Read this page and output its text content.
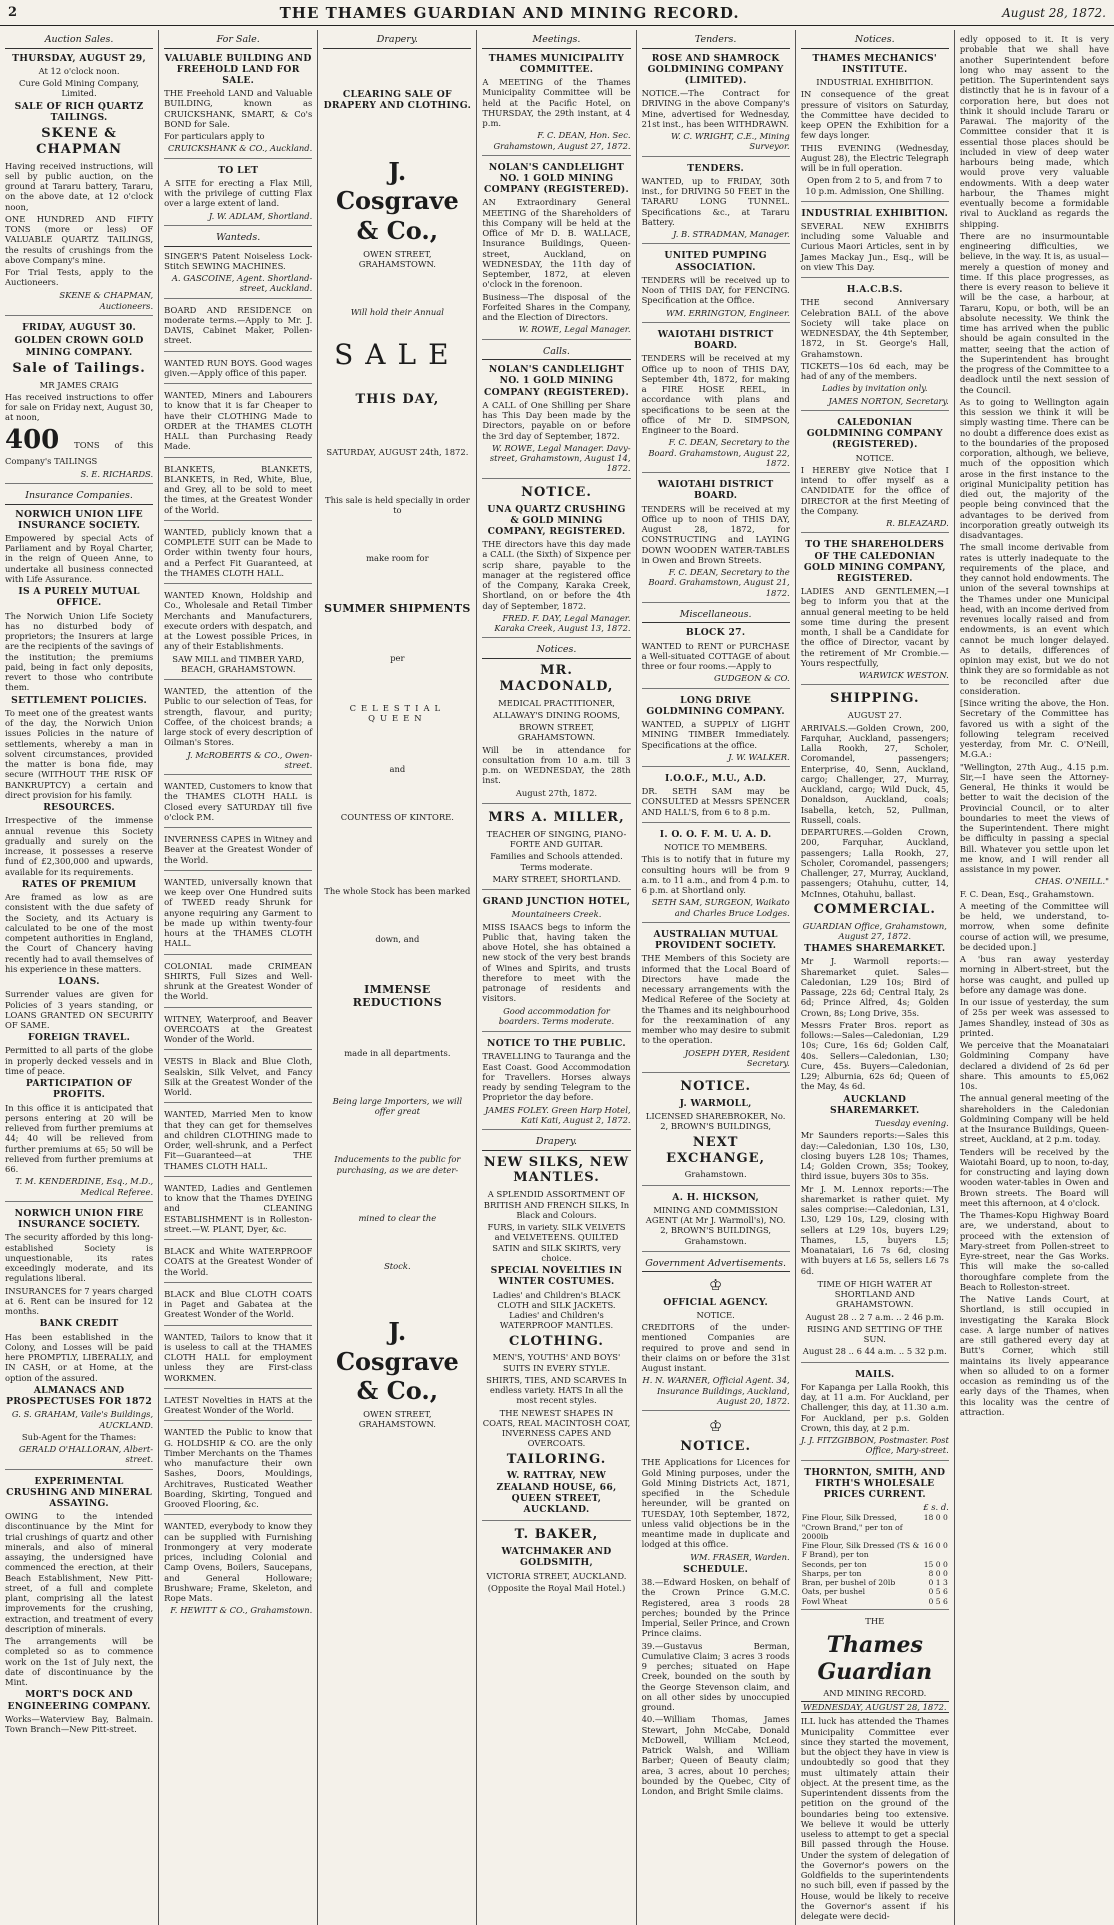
2	THE THAMES GUARDIAN AND MINING RECORD.	August 28, 1872.
Auction Sales.
THURSDAY, AUGUST 29,
At 12 o'clock noon.
Cure Gold Mining Company, Limited.
SALE OF RICH QUARTZ TAILINGS.
SKENE & CHAPMAN
Having received instructions, will sell by public auction, on the ground at Tararu battery, Tararu, on the above date, at 12 o'clock noon,
ONE HUNDRED AND FIFTY TONS (more or less) OF VALUABLE QUARTZ TAILINGS, the results of crushings from the above Company's mine.
For Trial Tests, apply to the Auctioneers.
SKENE & CHAPMAN,
Auctioneers.
FRIDAY, AUGUST 30.
GOLDEN CROWN GOLD MINING COMPANY.
Sale of Tailings.
MR JAMES CRAIG
Has received instructions to offer for sale on Friday next, August 30, at noon,
400 TONS of this Company's TAILINGS
S. E. RICHARDS.
Insurance Companies.
NORWICH UNION LIFE INSURANCE SOCIETY.
Empowered by special Acts of Parliament and by Royal Charter, in the reign of Queen Anne, to undertake all business connected with Life Assurance.
IS A PURELY MUTUAL OFFICE.
The Norwich Union Life Society has no disturbed body of proprietors; the Insurers at large are the recipients of the savings of the institution; the premiums paid, being in fact only deposits, revert to those who contribute them.
SETTLEMENT POLICIES.
To meet one of the greatest wants of the day, the Norwich Union issues Policies in the nature of settlements, whereby a man in solvent circumstances, provided the matter is bona fide, may secure (WITHOUT THE RISK OF BANKRUPTCY) a certain and direct provision for his family.
RESOURCES.
Irrespective of the immense annual revenue this Society gradually and surely on the increase, it possesses a reserve fund of £2,300,000 and upwards, available for its requirements.
RATES OF PREMIUM
Are framed as low as are consistent with the due safety of the Society, and its Actuary is calculated to be one of the most competent authorities in England, the Court of Chancery having recently had to avail themselves of his experience in these matters.
LOANS.
Surrender values are given for Policies of 3 years standing, or LOANS GRANTED ON SECURITY OF SAME.
FOREIGN TRAVEL.
Permitted to all parts of the globe in properly decked vessels and in time of peace.
PARTICIPATION OF PROFITS.
In this office it is anticipated that persons entering at 20 will be relieved from further premiums at 44; 40 will be relieved from further premiums at 65; 50 will be relieved from further premiums at 66.
T. M. KENDERDINE, Esq., M.D., Medical Referee.
NORWICH UNION FIRE INSURANCE SOCIETY.
The security afforded by this long-established Society is unquestionable, its rates exceedingly moderate, and its regulations liberal.
INSURANCES for 7 years charged at 6. Rent can be insured for 12 months.
BANK CREDIT
Has been established in the Colony, and Losses will be paid here PROMPTLY, LIBERALLY, and IN CASH, or at Home, at the option of the assured.
ALMANACS AND PROSPECTUSES FOR 1872
G. S. GRAHAM, Vaile's Buildings, AUCKLAND.
Sub-Agent for the Thames:
GERALD O'HALLORAN, Albert-street.
EXPERIMENTAL CRUSHING AND MINERAL ASSAYING.
OWING to the intended discontinuance by the Mint for trial crushings of quartz and other minerals, and also of mineral assaying, the undersigned have commenced the erection, at their Beach Establishment, New Pitt-street, of a full and complete plant, comprising all the latest improvements for the crushing, extraction, and treatment of every description of minerals.
The arrangements will be completed so as to commence work on the 1st of July next, the date of discontinuance by the Mint.
MORT'S DOCK AND ENGINEERING COMPANY.
Works—Waterview Bay, Balmain. Town Branch—New Pitt-street.
For Sale.
VALUABLE BUILDING AND FREEHOLD LAND FOR SALE.
THE Freehold LAND and Valuable BUILDING, known as CRUICKSHANK, SMART, & Co's BOND for Sale.
For particulars apply to
CRUICKSHANK & CO., Auckland.
TO LET
A SITE for erecting a Flax Mill, with the privilege of cutting Flax over a large extent of land.
J. W. ADLAM, Shortland.
Wanteds.
SINGER'S Patent Noiseless Lock-Stitch SEWING MACHINES.
A. GASCOINE, Agent. Shortland-street, Auckland.
BOARD AND RESIDENCE on moderate terms.—Apply to Mr. J. DAVIS, Cabinet Maker, Pollen-street.
WANTED RUN BOYS. Good wages given.—Apply office of this paper.
WANTED, Miners and Labourers to know that it is far Cheaper to have their CLOTHING Made to ORDER at the THAMES CLOTH HALL than Purchasing Ready Made.
BLANKETS, BLANKETS, BLANKETS, in Red, White, Blue, and Grey, all to be sold to meet the times, at the Greatest Wonder of the World.
WANTED, publicly known that a COMPLETE SUIT can be Made to Order within twenty four hours, and a Perfect Fit Guaranteed, at the THAMES CLOTH HALL.
WANTED Known, Holdship and Co., Wholesale and Retail Timber Merchants and Manufacturers, execute orders with despatch, and at the Lowest possible Prices, in any of their Establishments.
SAW MILL and TIMBER YARD, BEACH, GRAHAMSTOWN.
WANTED, the attention of the Public to our selection of Teas, for strength, flavour, and purity; Coffee, of the choicest brands; a large stock of every description of Oilman's Stores.
J. McROBERTS & CO., Owen-street.
WANTED, Customers to know that the THAMES CLOTH HALL is Closed every SATURDAY till five o'clock P.M.
INVERNESS CAPES in Witney and Beaver at the Greatest Wonder of the World.
WANTED, universally known that we keep over One Hundred suits of TWEED ready Shrunk for anyone requiring any Garment to be made up within twenty-four hours at the THAMES CLOTH HALL.
COLONIAL made CRIMEAN SHIRTS, Full Sizes and Well-shrunk at the Greatest Wonder of the World.
WITNEY, Waterproof, and Beaver OVERCOATS at the Greatest Wonder of the World.
VESTS in Black and Blue Cloth, Sealskin, Silk Velvet, and Fancy Silk at the Greatest Wonder of the World.
WANTED, Married Men to know that they can get for themselves and children CLOTHING made to Order, well-shrunk, and a Perfect Fit—Guaranteed—at THE THAMES CLOTH HALL.
WANTED, Ladies and Gentlemen to know that the Thames DYEING and CLEANING ESTABLISHMENT is in Rolleston-street.—W. PLANT, Dyer, &c.
BLACK and White WATERPROOF COATS at the Greatest Wonder of the World.
BLACK and Blue CLOTH COATS in Paget and Gabatea at the Greatest Wonder of the World.
WANTED, Tailors to know that it is useless to call at the THAMES CLOTH HALL for employment unless they are First-class WORKMEN.
LATEST Novelties in HATS at the Greatest Wonder of the World.
WANTED the Public to know that G. HOLDSHIP & CO. are the only Timber Merchants on the Thames who manufacture their own Sashes, Doors, Mouldings, Architraves, Rusticated Weather Boarding, Skirting, Tongued and Grooved Flooring, &c.
WANTED, everybody to know they can be supplied with Furnishing Ironmongery at very moderate prices, including Colonial and Camp Ovens, Boilers, Saucepans, and General Holloware; Brushware; Frame, Skeleton, and Rope Mats.
F. HEWITT & CO., Grahamstown.
Drapery.
CLEARING SALE OF DRAPERY AND CLOTHING.
J. Cosgrave & Co.,
OWEN STREET, GRAHAMSTOWN.
Will hold their Annual
SALE
THIS DAY,
SATURDAY, AUGUST 24th, 1872.
This sale is held specially in order to
make room for
SUMMER SHIPMENTS
per
CELESTIAL QUEEN
and
COUNTESS OF KINTORE.
The whole Stock has been marked
down, and
IMMENSE REDUCTIONS
made in all departments.
Being large Importers, we will offer great
Inducements to the public for purchasing, as we are deter-
mined to clear the
Stock.
J. Cosgrave & Co.,
OWEN STREET, GRAHAMSTOWN.
Meetings.
THAMES MUNICIPALITY COMMITTEE.
A MEETING of the Thames Municipality Committee will be held at the Pacific Hotel, on THURSDAY, the 29th instant, at 4 p.m.
F. C. DEAN, Hon. Sec. Grahamstown, August 27, 1872.
NOLAN'S CANDLELIGHT NO. 1 GOLD MINING COMPANY (REGISTERED).
AN Extraordinary General MEETING of the Shareholders of this Company will be held at the Office of Mr D. B. WALLACE, Insurance Buildings, Queen-street, Auckland, on WEDNESDAY, the 11th day of September, 1872, at eleven o'clock in the forenoon.
Business—The disposal of the Forfeited Shares in the Company, and the Election of Directors.
W. ROWE, Legal Manager.
Calls.
NOLAN'S CANDLELIGHT NO. 1 GOLD MINING COMPANY (REGISTERED).
A CALL of One Shilling per Share has This Day been made by the Directors, payable on or before the 3rd day of September, 1872.
W. ROWE, Legal Manager. Davy-street, Grahamstown, August 14, 1872.
NOTICE.
UNA QUARTZ CRUSHING & GOLD MINING COMPANY, REGISTERED.
THE directors have this day made a CALL (the Sixth) of Sixpence per scrip share, payable to the manager at the registered office of the Company, Karaka Creek, Shortland, on or before the 4th day of September, 1872.
FRED. F. DAY, Legal Manager. Karaka Creek, August 13, 1872.
Notices.
MR. MACDONALD,
MEDICAL PRACTITIONER,
ALLAWAY'S DINING ROOMS,
BROWN STREET, GRAHAMSTOWN.
Will be in attendance for consultation from 10 a.m. till 3 p.m. on WEDNESDAY, the 28th inst.
August 27th, 1872.
MRS A. MILLER,
TEACHER OF SINGING, PIANO-FORTE AND GUITAR.
Families and Schools attended. Terms moderate.
MARY STREET, SHORTLAND.
GRAND JUNCTION HOTEL,
Mountaineers Creek.
MISS ISAACS begs to inform the Public that, having taken the above Hotel, she has obtained a new stock of the very best brands of Wines and Spirits, and trusts therefore to meet with the patronage of residents and visitors.
Good accommodation for boarders. Terms moderate.
NOTICE TO THE PUBLIC.
TRAVELLING to Tauranga and the East Coast. Good Accommodation for Travellers. Horses always ready by sending Telegram to the Proprietor the day before.
JAMES FOLEY. Green Harp Hotel, Kati Kati, August 2, 1872.
Drapery.
NEW SILKS, NEW MANTLES.
A SPLENDID ASSORTMENT OF BRITISH AND FRENCH SILKS, In Black and Colours.
FURS, in variety. SILK VELVETS and VELVETEENS. QUILTED SATIN and SILK SKIRTS, very choice.
SPECIAL NOVELTIES IN WINTER COSTUMES.
Ladies' and Children's BLACK CLOTH and SILK JACKETS. Ladies' and Children's WATERPROOF MANTLES.
CLOTHING.
MEN'S, YOUTHS' AND BOYS' SUITS IN EVERY STYLE.
SHIRTS, TIES, AND SCARVES In endless variety. HATS In all the most recent styles.
THE NEWEST SHAPES IN COATS, REAL MACINTOSH COAT, INVERNESS CAPES AND OVERCOATS.
TAILORING.
W. RATTRAY, NEW ZEALAND HOUSE, 66, QUEEN STREET, AUCKLAND.
T. BAKER,
WATCHMAKER AND GOLDSMITH,
VICTORIA STREET, AUCKLAND.
(Opposite the Royal Mail Hotel.)
Tenders.
ROSE AND SHAMROCK GOLDMINING COMPANY (LIMITED).
NOTICE.—The Contract for DRIVING in the above Company's Mine, advertised for Wednesday, 21st inst., has been WITHDRAWN.
W. C. WRIGHT, C.E., Mining Surveyor.
TENDERS.
WANTED, up to FRIDAY, 30th inst., for DRIVING 50 FEET in the TARARU LONG TUNNEL. Specifications &c., at Tararu Battery.
J. B. STRADMAN, Manager.
UNITED PUMPING ASSOCIATION.
TENDERS will be received up to Noon of THIS DAY, for FENCING. Specification at the Office.
WM. ERRINGTON, Engineer.
WAIOTAHI DISTRICT BOARD.
TENDERS will be received at my Office up to noon of THIS DAY, September 4th, 1872, for making a FIRE HOSE REEL, in accordance with plans and specifications to be seen at the office of Mr D. SIMPSON, Engineer to the Board.
F. C. DEAN, Secretary to the Board. Grahamstown, August 22, 1872.
WAIOTAHI DISTRICT BOARD.
TENDERS will be received at my Office up to noon of THIS DAY, August 28, 1872, for CONSTRUCTING and LAYING DOWN WOODEN WATER-TABLES in Owen and Brown Streets.
F. C. DEAN, Secretary to the Board. Grahamstown, August 21, 1872.
Miscellaneous.
BLOCK 27.
WANTED to RENT or PURCHASE a Well-situated COTTAGE of about three or four rooms.—Apply to
GUDGEON & CO.
LONG DRIVE GOLDMINING COMPANY.
WANTED, a SUPPLY of LIGHT MINING TIMBER Immediately. Specifications at the office.
J. W. WALKER.
I.O.O.F., M.U., A.D.
DR. SETH SAM may be CONSULTED at Messrs SPENCER AND HALL'S, from 6 to 8 p.m.
I. O. O. F. M. U. A. D.
NOTICE TO MEMBERS.
This is to notify that in future my consulting hours will be from 9 a.m. to 11 a.m., and from 4 p.m. to 6 p.m. at Shortland only.
SETH SAM, SURGEON, Waikato and Charles Bruce Lodges.
AUSTRALIAN MUTUAL PROVIDENT SOCIETY.
THE Members of this Society are informed that the Local Board of Directors have made the necessary arrangements with the Medical Referee of the Society at the Thames and its neighbourhood for the reexamination of any member who may desire to submit to the operation.
JOSEPH DYER, Resident Secretary.
NOTICE.
J. WARMOLL,
LICENSED SHAREBROKER, No. 2, BROWN'S BUILDINGS,
NEXT EXCHANGE,
Grahamstown.
A. H. HICKSON,
MINING AND COMMISSION AGENT (At Mr J. Warmoll's), NO. 2, BROWN'S BUILDINGS, Grahamstown.
Government Advertisements.
♔
OFFICIAL AGENCY.
NOTICE.
CREDITORS of the under-mentioned Companies are required to prove and send in their claims on or before the 31st August instant.
H. N. WARNER, Official Agent. 34, Insurance Buildings, Auckland, August 20, 1872.
♔
NOTICE.
THE Applications for Licences for Gold Mining purposes, under the Gold Mining Districts Act, 1871, specified in the Schedule hereunder, will be granted on TUESDAY, 10th September, 1872, unless valid objections be in the meantime made in duplicate and lodged at this office.
WM. FRASER, Warden.
SCHEDULE.
38.—Edward Hosken, on behalf of the Crown Prince G.M.C. Registered, area 3 roods 28 perches; bounded by the Prince Imperial, Seiler Prince, and Crown Prince claims.
39.—Gustavus Berman, Cumulative Claim; 3 acres 3 roods 9 perches; situated on Hape Creek, bounded on the south by the George Stevenson claim, and on all other sides by unoccupied ground.
40.—William Thomas, James Stewart, John McCabe, Donald McDowell, William McLeod, Patrick Walsh, and William Barber; Queen of Beauty claim; area, 3 acres, about 10 perches; bounded by the Quebec, City of London, and Bright Smile claims.
Notices.
THAMES MECHANICS' INSTITUTE.
INDUSTRIAL EXHIBITION.
IN consequence of the great pressure of visitors on Saturday, the Committee have decided to keep OPEN the Exhibition for a few days longer.
THIS EVENING (Wednesday, August 28), the Electric Telegraph will be in full operation.
Open from 2 to 5, and from 7 to 10 p.m. Admission, One Shilling.
INDUSTRIAL EXHIBITION.
SEVERAL NEW EXHIBITS including some Valuable and Curious Maori Articles, sent in by James Mackay Jun., Esq., will be on view This Day.
H.A.C.B.S.
THE second Anniversary Celebration BALL of the above Society will take place on WEDNESDAY, the 4th September, 1872, in St. George's Hall, Grahamstown.
TICKETS—10s 6d each, may be had of any of the members.
Ladies by invitation only.
JAMES NORTON, Secretary.
CALEDONIAN GOLDMINING COMPANY (REGISTERED).
NOTICE.
I HEREBY give Notice that I intend to offer myself as a CANDIDATE for the office of DIRECTOR at the first Meeting of the Company.
R. BLEAZARD.
TO THE SHAREHOLDERS OF THE CALEDONIAN GOLD MINING COMPANY, REGISTERED.
LADIES AND GENTLEMEN,—I beg to inform you that at the annual general meeting to be held some time during the present month, I shall be a Candidate for the office of Director, vacant by the retirement of Mr Crombie.—Yours respectfully,
WARWICK WESTON.
SHIPPING.
AUGUST 27.
ARRIVALS.—Golden Crown, 200, Farquhar, Auckland, passengers; Lalla Rookh, 27, Scholer, Coromandel, passengers; Enterprise, 40, Senn, Auckland, cargo; Challenger, 27, Murray, Auckland, cargo; Wild Duck, 45, Donaldson, Auckland, coals; Isabella, ketch, 52, Pullman, Russell, coals.
DEPARTURES.—Golden Crown, 200, Farquhar, Auckland, passengers; Lalla Rookh, 27, Scholer, Coromandel, passengers; Challenger, 27, Murray, Auckland, passengers; Otahuhu, cutter, 14, McInnes, Otahuhu, ballast.
COMMERCIAL.
GUARDIAN Office, Grahamstown, August 27, 1872.
THAMES SHAREMARKET.
Mr J. Warmoll reports:—Sharemarket quiet. Sales—Caledonian, L29 10s; Bird of Passage, 22s 6d; Central Italy, 2s 6d; Prince Alfred, 4s; Golden Crown, 8s; Long Drive, 35s.
Messrs Frater Bros. report as follows:—Sales—Caledonian, L29 10s; Cure, 16s 6d; Golden Calf, 40s. Sellers—Caledonian, L30; Cure, 45s. Buyers—Caledonian, L29; Alburnia, 62s 6d; Queen of the May, 4s 6d.
AUCKLAND SHAREMARKET.
Tuesday evening.
Mr Saunders reports:—Sales this day:—Caledonian, L30 10s, L30, closing buyers L28 10s; Thames, L4; Golden Crown, 35s; Tookey, third issue, buyers 30s to 35s.
Mr J. M. Lennox reports:—The sharemarket is rather quiet. My sales comprise:—Caledonian, L31, L30, L29 10s, L29, closing with sellers at L29 10s, buyers L29; Thames, L5, buyers L5; Moanataiari, L6 7s 6d, closing with buyers at L6 5s, sellers L6 7s 6d.
TIME OF HIGH WATER AT SHORTLAND AND GRAHAMSTOWN.
August 28 .. 2 7 a.m. .. 2 46 p.m.
RISING AND SETTING OF THE SUN.
August 28 .. 6 44 a.m. .. 5 32 p.m.
MAILS.
For Kapanga per Lalla Rookh, this day, at 11 a.m. For Auckland, per Challenger, this day, at 11.30 a.m. For Auckland, per p.s. Golden Crown, this day, at 2 p.m.
J. J. FITZGIBBON, Postmaster. Post Office, Mary-street.
THORNTON, SMITH, AND FIRTH'S WHOLESALE PRICES CURRENT.
£ s. d.
Fine Flour, Silk Dressed, "Crown Brand," per ton of 2000lb	18 0 0
Fine Flour, Silk Dressed (TS & F Brand), per ton	16 0 0
Seconds, per ton	15 0 0
Sharps, per ton	8 0 0
Bran, per bushel of 20lb	0 1 3
Oats, per bushel	0 5 6
Fowl Wheat	0 5 6
THE
Thames Guardian
AND MINING RECORD.
WEDNESDAY, AUGUST 28, 1872.
ILL luck has attended the Thames Municipality Committee ever since they started the movement, but the object they have in view is undoubtedly so good that they must ultimately attain their object. At the present time, as the Superintendent dissents from the petition on the ground of the boundaries being too extensive. We believe it would be utterly useless to attempt to get a special Bill passed through the House. Under the system of delegation of the Governor's powers on the Goldfields to the superintendents no such bill, even if passed by the House, would be likely to receive the Governor's assent if his delegate were decid-
edly opposed to it. It is very probable that we shall have another Superintendent before long who may assent to the petition. The Superintendent says distinctly that he is in favour of a corporation here, but does not think it should include Tararu or Parawai. The majority of the Committee consider that it is essential those places should be included in view of deep water harbours being made, which would prove very valuable endowments. With a deep water harbour, the Thames might eventually become a formidable rival to Auckland as regards the shipping.
There are no insurmountable engineering difficulties, we believe, in the way. It is, as usual—merely a question of money and time. If this place progresses, as there is every reason to believe it will be the case, a harbour, at Tararu, Kopu, or both, will be an absolute necessity. We think the time has arrived when the public should be again consulted in the matter, seeing that the action of the Superintendent has brought the progress of the Committee to a deadlock until the next session of the Council.
As to going to Wellington again this session we think it will be simply wasting time. There can be no doubt a difference does exist as to the boundaries of the proposed corporation, although, we believe, much of the opposition which arose in the first instance to the original Municipality petition has died out, the majority of the people being convinced that the advantages to be derived from incorporation greatly outweigh its disadvantages.
The small income derivable from rates is utterly inadequate to the requirements of the place, and they cannot hold endowments. The union of the several townships at the Thames under one Municipal head, with an income derived from revenues locally raised and from endowments, is an event which cannot be much longer delayed. As to details, differences of opinion may exist, but we do not think they are so formidable as not to be reconciled after due consideration.
[Since writing the above, the Hon. Secretary of the Committee has favored us with a sight of the following telegram received yesterday, from Mr. C. O'Neill, M.G.A.:
"Wellington, 27th Aug., 4.15 p.m. Sir,—I have seen the Attorney-General, He thinks it would be better to wait the decision of the Provincial Council, or to alter boundaries to meet the views of the Superintendent. There might be difficulty in passing a special Bill. Whatever you settle upon let me know, and I will render all assistance in my power.
CHAS. O'NEILL."
F. C. Dean, Esq., Grahamstown.
A meeting of the Committee will be held, we understand, to-morrow, when some definite course of action will, we presume, be decided upon.]
A 'bus ran away yesterday morning in Albert-street, but the horse was caught, and pulled up before any damage was done.
In our issue of yesterday, the sum of 25s per week was assessed to James Shandley, instead of 30s as printed.
We perceive that the Moanataiari Goldmining Company have declared a dividend of 2s 6d per share. This amounts to £5,062 10s.
The annual general meeting of the shareholders in the Caledonian Goldmining Company will be held at the Insurance Buildings, Queen-street, Auckland, at 2 p.m. today.
Tenders will be received by the Waiotahi Board, up to noon, to-day, for constructing and laying down wooden water-tables in Owen and Brown streets. The Board will meet this afternoon, at 4 o'clock.
The Thames-Kopu Highway Board are, we understand, about to proceed with the extension of Mary-street from Pollen-street to Eyre-street, near the Gas Works. This will make the so-called thoroughfare complete from the Beach to Rolleston-street.
The Native Lands Court, at Shortland, is still occupied in investigating the Karaka Block case. A large number of natives are still gathered every day at Butt's Corner, which still maintains its lively appearance when so alluded to on a former occasion as reminding us of the early days of the Thames, when this locality was the centre of attraction.
